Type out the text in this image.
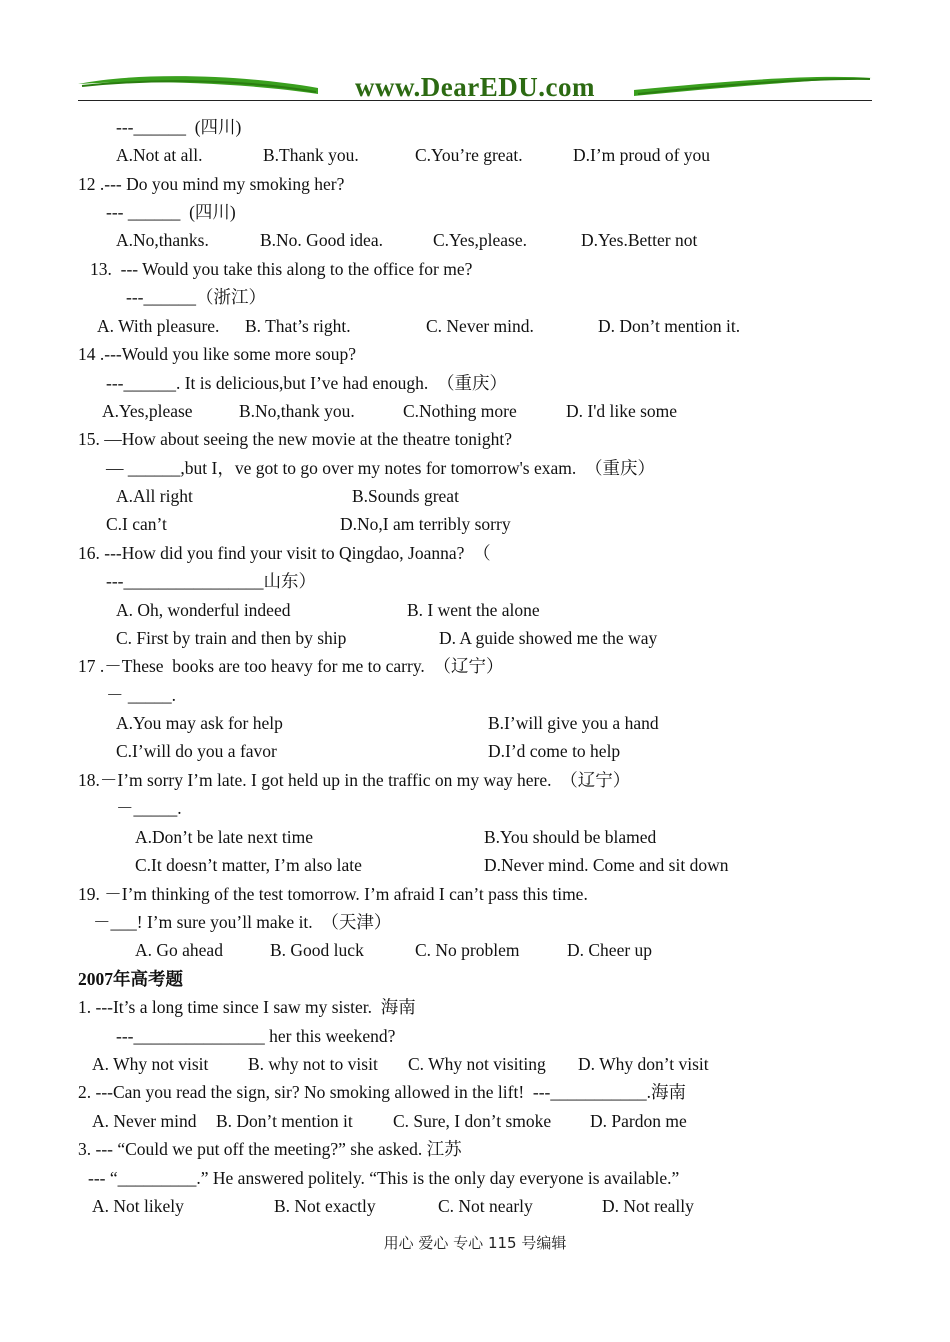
www.DearEDU.com
---______  (四川)
A.Not at all.	B.Thank you.	C.You’re great.	D.I’m proud of you
12 .--- Do you mind my smoking her?
--- ______  (四川)
A.No,thanks.	B.No. Good idea.	C.Yes,please.	D.Yes.Better not
13.  --- Would you take this along to the office for me?
---______（浙江）
A. With pleasure. B. That’s right.	C. Never mind.	D. Don’t mention it.
14 .---Would you like some more soup?
---______. It is delicious,but I’ve had enough.  （重庆）
A.Yes,please	B.No,thank you.	C.Nothing more	D. I'd like some
15. —How about seeing the new movie at the theatre tonight?
— ______,but I，ve got to go over my notes for tomorrow's exam.  （重庆）
A.All right	B.Sounds great
C.I can’t	D.No,I am terribly sorry
16. ---How did you find your visit to Qingdao, Joanna?  （
---________________山东）
A. Oh, wonderful indeed	B. I went the alone
C. First by train and then by ship	D. A guide showed me the way
17 .－These  books are too heavy for me to carry.  （辽宁）
－ _____.
A.You may ask for help	B.I’will give you a hand
C.I’will do you a favor	D.I’d come to help
18.－I’m sorry I’m late. I got held up in the traffic on my way here.  （辽宁）
－_____.
A.Don’t be late next time	B.You should be blamed
C.It doesn’t matter, I’m also late	D.Never mind. Come and sit down
19. －I’m thinking of the test tomorrow. I’m afraid I can’t pass this time.
－___! I’m sure you’ll make it.  （天津）
A. Go ahead	B. Good luck	C. No problem	D. Cheer up
2007年高考题
1. ---It’s a long time since I saw my sister.  海南
---_______________ her this weekend?
A. Why not visit B. why not to visit C. Why not visiting D. Why don’t visit
2. ---Can you read the sign, sir? No smoking allowed in the lift!  ---___________.海南
A. Never mind B. Don’t mention it C. Sure, I don’t smoke D. Pardon me
3. --- “Could we put off the meeting?” she asked. 江苏
--- “_________.” He answered politely. “This is the only day everyone is available.”
A. Not likely	B. Not exactly	C. Not nearly	D. Not really
用心 爱心 专心 115 号编辑
